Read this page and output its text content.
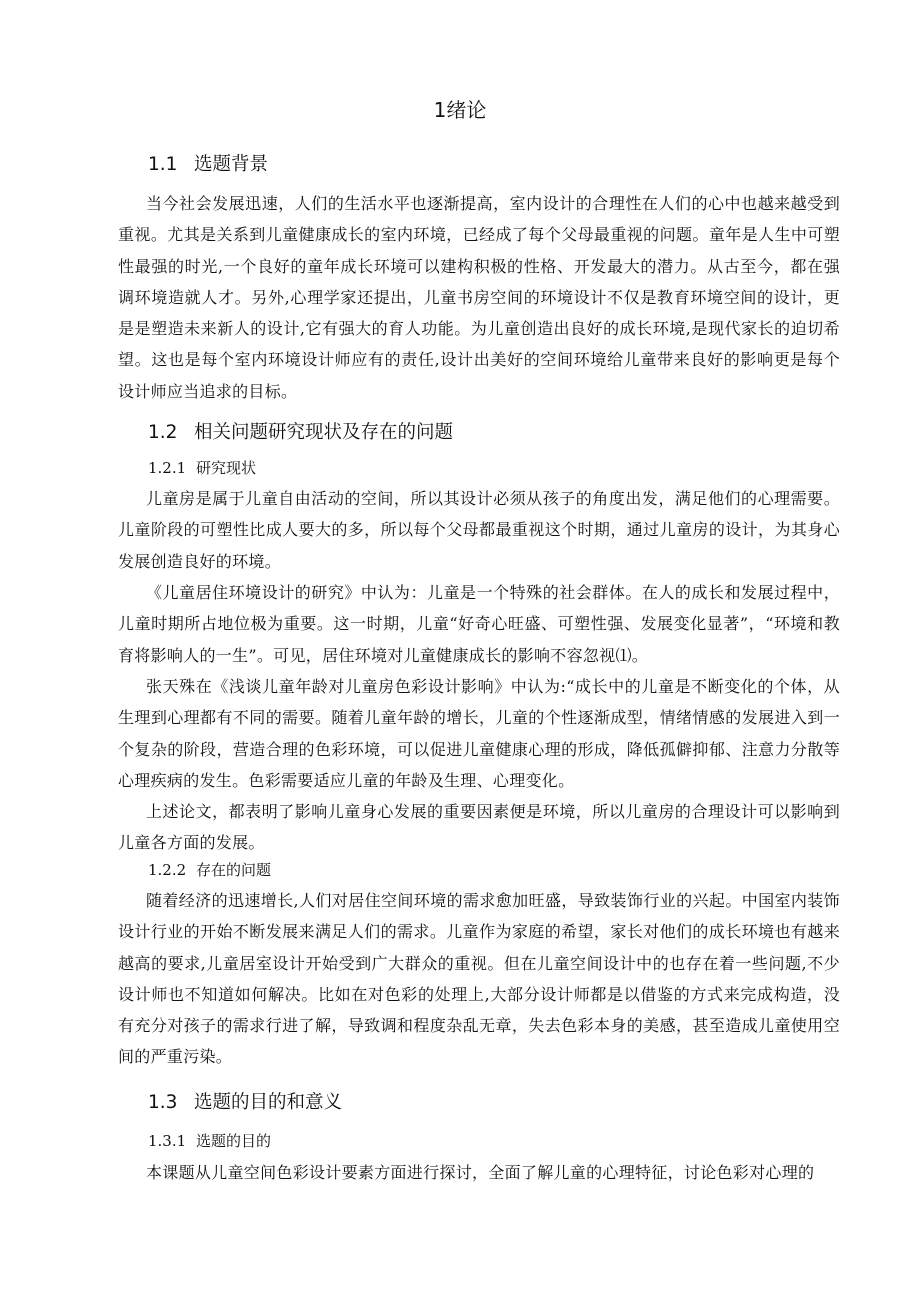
1绪论
1.1 选题背景

当今社会发展迅速，人们的生活水平也逐渐提高，室内设计的合理性在人们的心中也越来越受到重视。尤其是关系到儿童健康成长的室内环境，已经成了每个父母最重视的问题。童年是人生中可塑性最强的时光,一个良好的童年成长环境可以建构积极的性格、开发最大的潜力。从古至今，都在强调环境造就人才。另外,心理学家还提出，儿童书房空间的环境设计不仅是教育环境空间的设计，更是是塑造未来新人的设计,它有强大的育人功能。为儿童创造出良好的成长环境,是现代家长的迫切希望。这也是每个室内环境设计师应有的责任,设计出美好的空间环境给儿童带来良好的影响更是每个设计师应当追求的目标。

1.2 相关问题研究现状及存在的问题
1.2.1 研究现状

儿童房是属于儿童自由活动的空间，所以其设计必须从孩子的角度出发，满足他们的心理需要。儿童阶段的可塑性比成人要大的多，所以每个父母都最重视这个时期，通过儿童房的设计，为其身心发展创造良好的环境。

《儿童居住环境设计的研究》中认为：儿童是一个特殊的社会群体。在人的成长和发展过程中，儿童时期所占地位极为重要。这一时期，儿童“好奇心旺盛、可塑性强、发展变化显著”，“环境和教育将影响人的一生”。可见，居住环境对儿童健康成长的影响不容忽视⑴。

张天殊在《浅谈儿童年龄对儿童房色彩设计影响》中认为:“成长中的儿童是不断变化的个体，从生理到心理都有不同的需要。随着儿童年龄的增长，儿童的个性逐渐成型，情绪情感的发展进入到一个复杂的阶段，营造合理的色彩环境，可以促进儿童健康心理的形成，降低孤僻抑郁、注意力分散等心理疾病的发生。色彩需要适应儿童的年龄及生理、心理变化。

上述论文，都表明了影响儿童身心发展的重要因素便是环境，所以儿童房的合理设计可以影响到儿童各方面的发展。

1.2.2 存在的问题

随着经济的迅速增长,人们对居住空间环境的需求愈加旺盛，导致装饰行业的兴起。中国室内装饰设计行业的开始不断发展来满足人们的需求。儿童作为家庭的希望，家长对他们的成长环境也有越来越高的要求,儿童居室设计开始受到广大群众的重视。但在儿童空间设计中的也存在着一些问题,不少设计师也不知道如何解决。比如在对色彩的处理上,大部分设计师都是以借鉴的方式来完成构造，没有充分对孩子的需求行进了解，导致调和程度杂乱无章，失去色彩本身的美感，甚至造成儿童使用空间的严重污染。

1.3 选题的目的和意义
1.3.1 选题的目的

本课题从儿童空间色彩设计要素方面进行探讨，全面了解儿童的心理特征，讨论色彩对心理的
